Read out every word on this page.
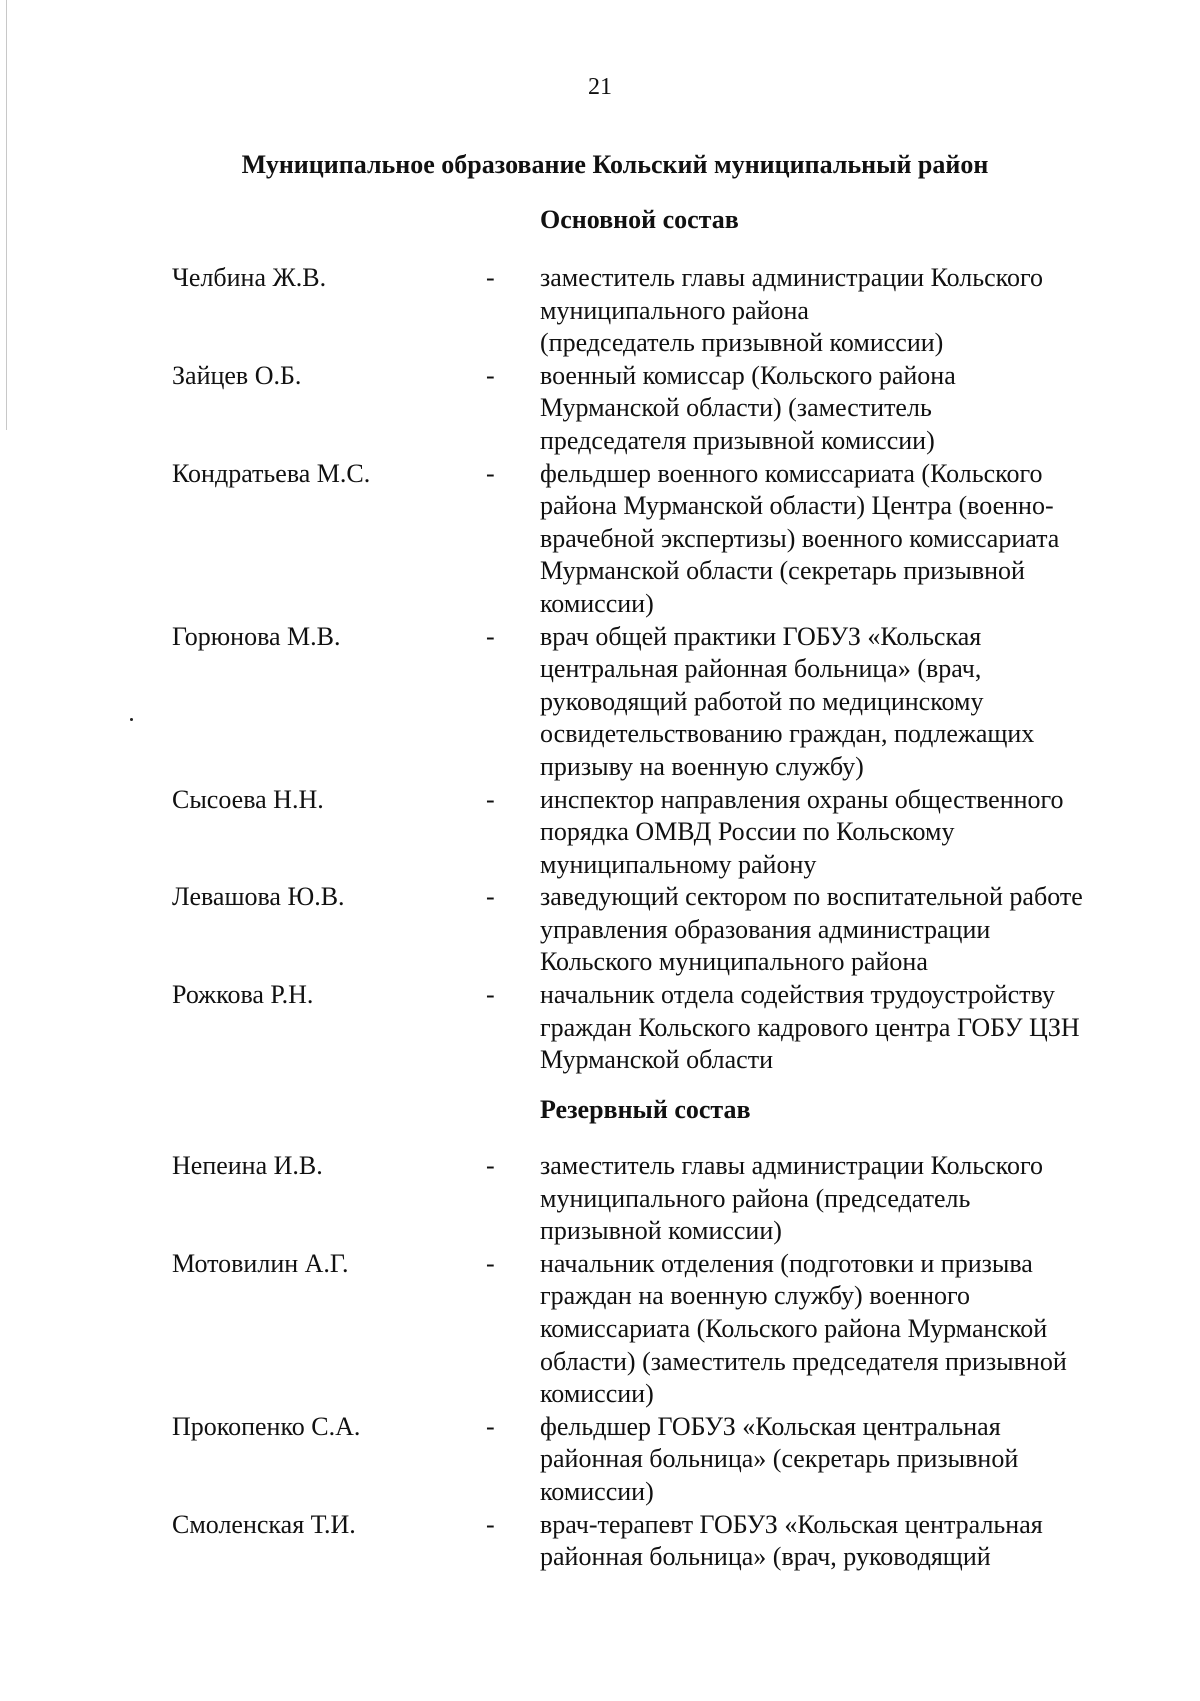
21
Муниципальное образование Кольский муниципальный район
Основной состав
Челбина Ж.В.	-	заместитель главы администрации Кольского
муниципального района
(председатель призывной комиссии)
Зайцев О.Б.	-	военный комиссар (Кольского района
Мурманской области) (заместитель
председателя призывной комиссии)
Кондратьева М.С.	-	фельдшер военного комиссариата (Кольского
района Мурманской области) Центра (военно-
врачебной экспертизы) военного комиссариата
Мурманской области (секретарь призывной
комиссии)
Горюнова М.В.	-	врач общей практики ГОБУЗ «Кольская
центральная районная больница» (врач,
руководящий работой по медицинскому
освидетельствованию граждан, подлежащих
призыву на военную службу)
Сысоева Н.Н.	-	инспектор направления охраны общественного
порядка ОМВД России по Кольскому
муниципальному району
Левашова Ю.В.	-	заведующий сектором по воспитательной работе
управления образования администрации
Кольского муниципального района
Рожкова Р.Н.	-	начальник отдела содействия трудоустройству
граждан Кольского кадрового центра ГОБУ ЦЗН
Мурманской области
Резервный состав
Непеина И.В.	-	заместитель главы администрации Кольского
муниципального района (председатель
призывной комиссии)
Мотовилин А.Г.	-	начальник отделения (подготовки и призыва
граждан на военную службу) военного
комиссариата (Кольского района Мурманской
области) (заместитель председателя призывной
комиссии)
Прокопенко С.А.	-	фельдшер ГОБУЗ «Кольская центральная
районная больница» (секретарь призывной
комиссии)
Смоленская Т.И.	-	врач-терапевт ГОБУЗ «Кольская центральная
районная больница» (врач, руководящий
